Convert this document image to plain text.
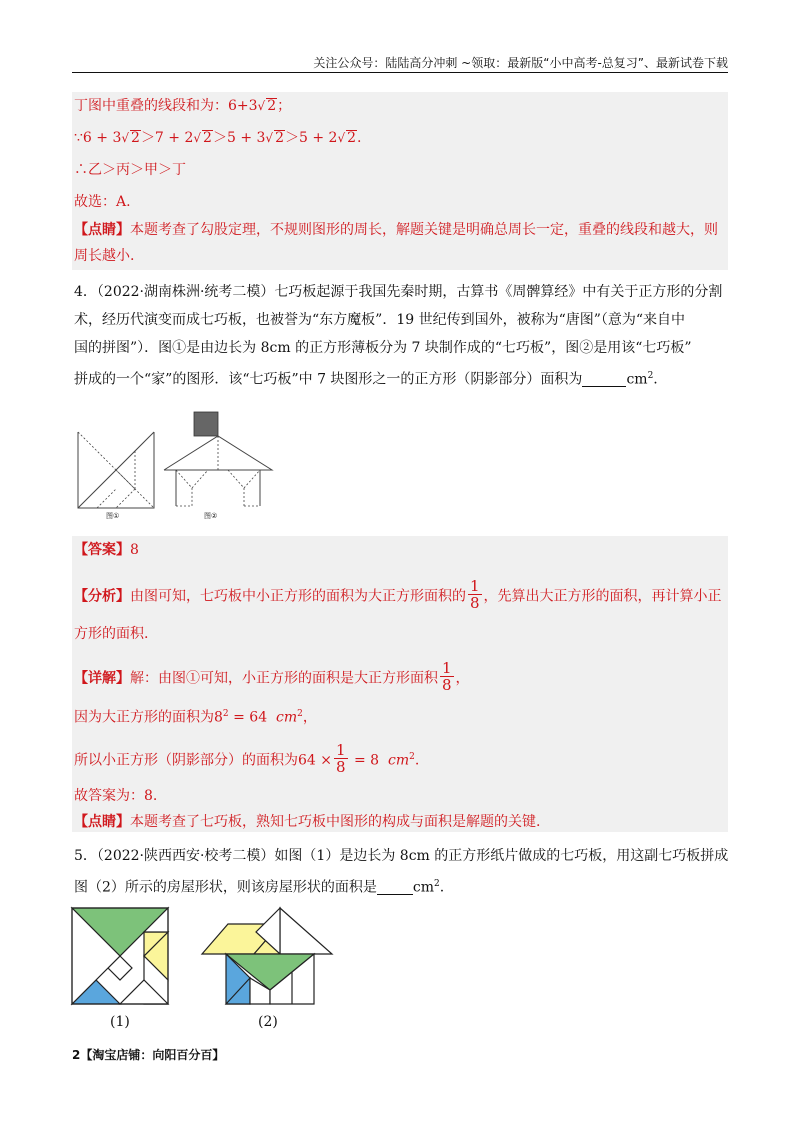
关注公众号：陆陆高分冲刺 ~领取：最新版“小中高考-总复习”、最新试卷下载
丁图中重叠的线段和为：6+3√ 2；
∵6 + 3√ 2＞7 + 2√ 2＞5 + 3√ 2＞5 + 2√ 2.
∴乙＞丙＞甲＞丁
故选：A.
【点睛】本题考查了勾股定理，不规则图形的周长，解题关键是明确总周长一定，重叠的线段和越大，则
周长越小.
4．（2022·湖南株洲·统考二模）七巧板起源于我国先秦时期，古算书《周髀算经》中有关于正方形的分割
术，经历代演变而成七巧板，也被誉为“东方魔板”．19 世纪传到国外，被称为“唐图”（意为“来自中
国的拼图”）．图①是由边长为 8cm 的正方形薄板分为 7 块制作成的“七巧板”，图②是用该“七巧板”
拼成的一个“家”的图形．该“七巧板”中 7 块图形之一的正方形（阴影部分）面积为	$cm^2$.
图①	图②
【答案】8
【分析】由图可知，七巧板中小正方形的面积为大正方形面积的 $\frac{1}{8}$ ，先算出大正方形的面积，再计算小正
方形的面积.
【详解】解：由图①可知，小正方形的面积是大正方形面积 $\frac{1}{8}$ ，
因为大正方形的面积为$8^2 = 64$  $cm^2$，
所以小正方形（阴影部分）的面积为$64 \times \frac{1}{8} = 8$  $cm^2$.
故答案为：8.
【点睛】本题考查了七巧板，熟知七巧板中图形的构成与面积是解题的关键.
5．（2022·陕西西安·校考二模）如图（1）是边长为 8cm 的正方形纸片做成的七巧板，用这副七巧板拼成
图（2）所示的房屋形状，则该房屋形状的面积是	$cm^2$.
(1)	(2)
2【淘宝店铺：向阳百分百】
